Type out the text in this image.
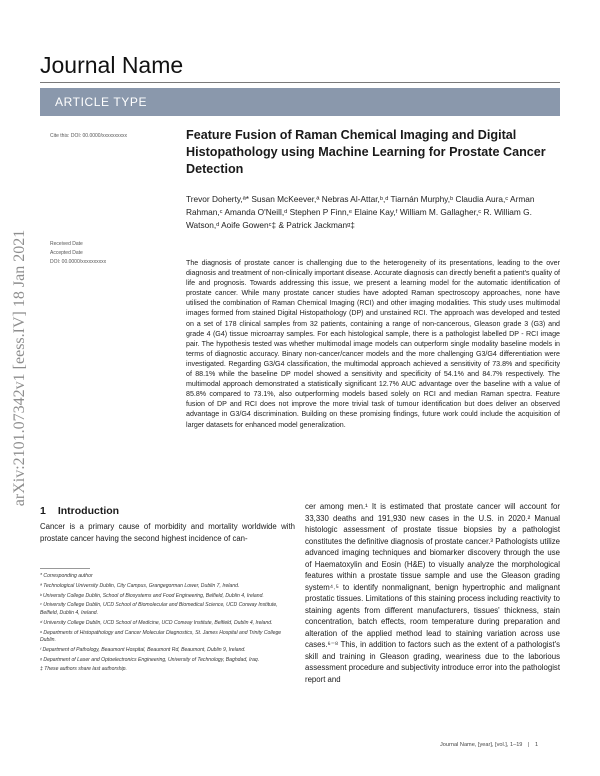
Journal Name
ARTICLE TYPE
Cite this: DOI: 00.0000/xxxxxxxxxx
Received Date
Accepted Date
DOI: 00.0000/xxxxxxxxxx
arXiv:2101.07342v1 [eess.IV] 18 Jan 2021
Feature Fusion of Raman Chemical Imaging and Digital Histopathology using Machine Learning for Prostate Cancer Detection
Trevor Doherty,ª* Susan McKeever,ª Nebras Al-Attar,ᵇ,ᵈ Tiarnán Murphy,ᵇ Claudia Aura,ᶜ Arman Rahman,ᶜ Amanda O'Neill,ᵈ Stephen P Finn,ᵉ Elaine Kay,ᶠ William M. Gallagher,ᶜ R. William G. Watson,ᵈ Aoife Gowenᶜ‡ & Patrick Jackmanᵍ‡
The diagnosis of prostate cancer is challenging due to the heterogeneity of its presentations, leading to the over diagnosis and treatment of non-clinically important disease. Accurate diagnosis can directly benefit a patient's quality of life and prognosis. Towards addressing this issue, we present a learning model for the automatic identification of prostate cancer. While many prostate cancer studies have adopted Raman spectroscopy approaches, none have utilised the combination of Raman Chemical Imaging (RCI) and other imaging modalities. This study uses multimodal images formed from stained Digital Histopathology (DP) and unstained RCI. The approach was developed and tested on a set of 178 clinical samples from 32 patients, containing a range of non-cancerous, Gleason grade 3 (G3) and grade 4 (G4) tissue microarray samples. For each histological sample, there is a pathologist labelled DP - RCI image pair. The hypothesis tested was whether multimodal image models can outperform single modality baseline models in terms of diagnostic accuracy. Binary non-cancer/cancer models and the more challenging G3/G4 differentiation were investigated. Regarding G3/G4 classification, the multimodal approach achieved a sensitivity of 73.8% and specificity of 88.1% while the baseline DP model showed a sensitivity and specificity of 54.1% and 84.7% respectively. The multimodal approach demonstrated a statistically significant 12.7% AUC advantage over the baseline with a value of 85.8% compared to 73.1%, also outperforming models based solely on RCI and median Raman spectra. Feature fusion of DP and RCI does not improve the more trivial task of tumour identification but does deliver an observed advantage in G3/G4 discrimination. Building on these promising findings, future work could include the acquisition of larger datasets for enhanced model generalization.
1 Introduction
Cancer is a primary cause of morbidity and mortality worldwide with prostate cancer having the second highest incidence of can-
cer among men.¹ It is estimated that prostate cancer will account for 33,330 deaths and 191,930 new cases in the U.S. in 2020.² Manual histologic assessment of prostate tissue biopsies by a pathologist constitutes the definitive diagnosis of prostate cancer.³ Pathologists utilize advanced imaging techniques and biomarker discovery through the use of Haematoxylin and Eosin (H&E) to visually analyze the morphological features within a prostate tissue sample and use the Gleason grading system⁴˒⁵ to identify nonmalignant, benign hypertrophic and malignant prostatic tissues. Limitations of this staining process including reactivity to staining agents from different manufacturers, tissues' thickness, stain concentration, batch effects, room temperature during preparation and alteration of the applied method lead to staining variation across use cases.⁶⁻⁸ This, in addition to factors such as the extent of a pathologist's skill and training in Gleason grading, weariness due to the laborious assessment procedure and subjectivity introduce error into the pathologist report and

* Corresponding author

ª Technological University Dublin, City Campus, Grangegorman Lower, Dublin 7, Ireland.

ᵇ University College Dublin, School of Biosystems and Food Engineering, Belfield, Dublin 4, Ireland.

ᶜ University College Dublin, UCD School of Biomolecular and Biomedical Science, UCD Conway Institute, Belfield, Dublin 4, Ireland.

ᵈ University College Dublin, UCD School of Medicine, UCD Conway Institute, Belfield, Dublin 4, Ireland.

ᵉ Departments of Histopathology and Cancer Molecular Diagnostics, St. James Hospital and Trinity College Dublin.

ᶠ Department of Pathology, Beaumont Hospital, Beaumont Rd, Beaumont, Dublin 9, Ireland.

ᵍ Department of Laser and Optoelectronics Engineering, University of Technology, Baghdad, Iraq.

‡ These authors share last authorship.

Journal Name, [year], [vol.], 1–19 | 1
